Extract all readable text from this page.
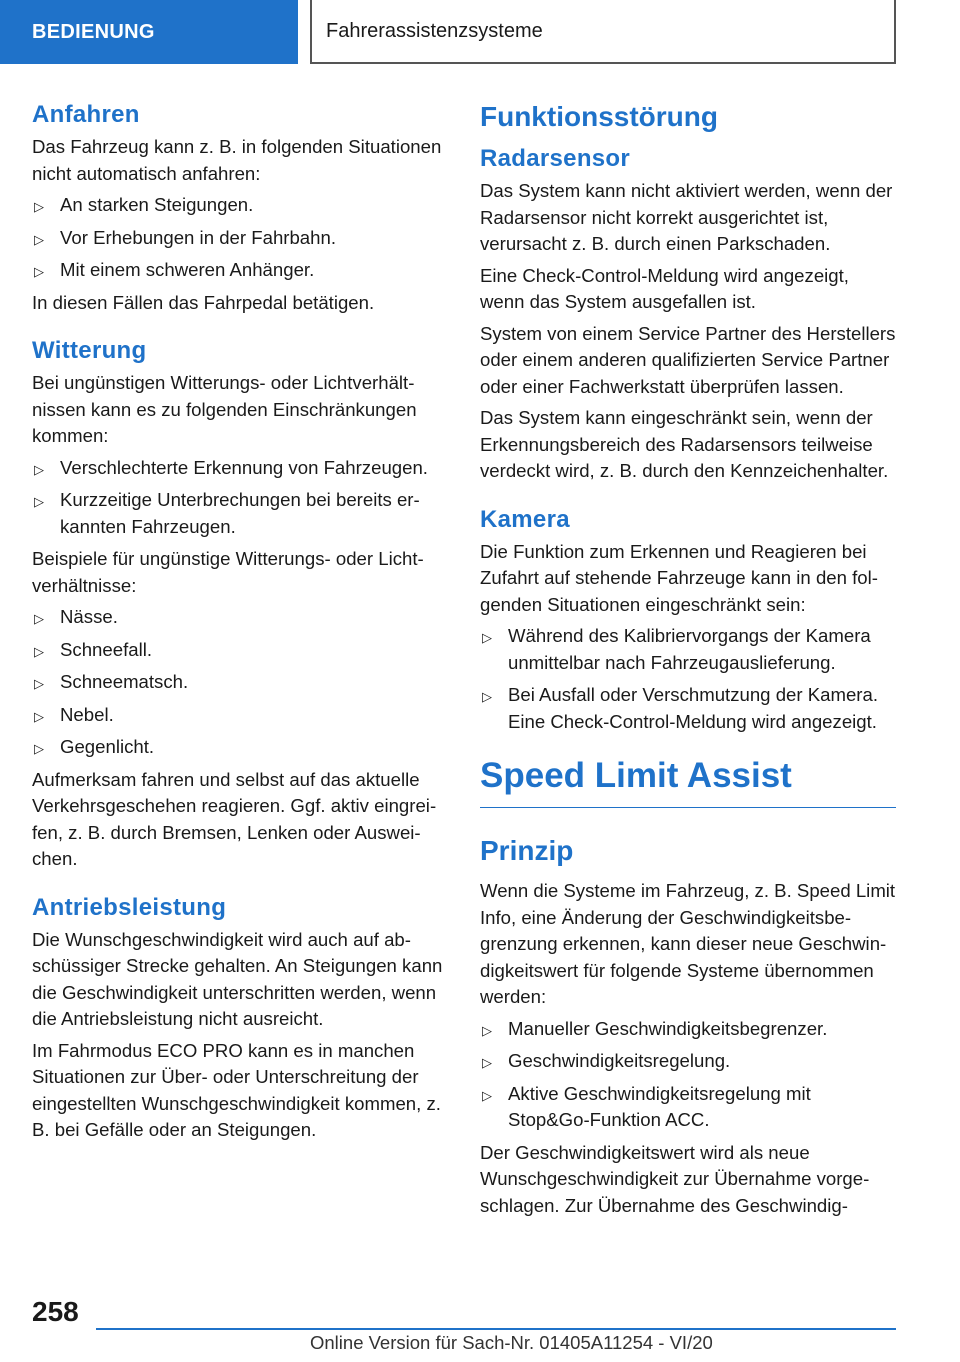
BEDIENUNG	Fahrerassistenzsysteme
Anfahren

Das Fahrzeug kann z. B. in folgenden Situationen nicht automatisch anfahren:

▷ An starken Steigungen.
▷ Vor Erhebungen in der Fahrbahn.
▷ Mit einem schweren Anhänger.

In diesen Fällen das Fahrpedal betätigen.

Witterung

Bei ungünstigen Witterungs- oder Lichtverhältnissen kann es zu folgenden Einschränkungen kommen:

▷ Verschlechterte Erkennung von Fahrzeugen.
▷ Kurzzeitige Unterbrechungen bei bereits erkannten Fahrzeugen.

Beispiele für ungünstige Witterungs- oder Lichtverhältnisse:

▷ Nässe.
▷ Schneefall.
▷ Schneematsch.
▷ Nebel.
▷ Gegenlicht.

Aufmerksam fahren und selbst auf das aktuelle Verkehrsgeschehen reagieren. Ggf. aktiv eingreifen, z. B. durch Bremsen, Lenken oder Ausweichen.

Antriebsleistung

Die Wunschgeschwindigkeit wird auch auf abschüssiger Strecke gehalten. An Steigungen kann die Geschwindigkeit unterschritten werden, wenn die Antriebsleistung nicht ausreicht.

Im Fahrmodus ECO PRO kann es in manchen Situationen zur Über- oder Unterschreitung der eingestellten Wunschgeschwindigkeit kommen, z. B. bei Gefälle oder an Steigungen.

Funktionsstörung
Radarsensor

Das System kann nicht aktiviert werden, wenn der Radarsensor nicht korrekt ausgerichtet ist, verursacht z. B. durch einen Parkschaden.

Eine Check-Control-Meldung wird angezeigt, wenn das System ausgefallen ist.

System von einem Service Partner des Herstellers oder einem anderen qualifizierten Service Partner oder einer Fachwerkstatt überprüfen lassen.

Das System kann eingeschränkt sein, wenn der Erkennungsbereich des Radarsensors teilweise verdeckt wird, z. B. durch den Kennzeichenhalter.

Kamera

Die Funktion zum Erkennen und Reagieren bei Zufahrt auf stehende Fahrzeuge kann in den folgenden Situationen eingeschränkt sein:

▷ Während des Kalibriervorgangs der Kamera unmittelbar nach Fahrzeugauslieferung.
▷ Bei Ausfall oder Verschmutzung der Kamera. Eine Check-Control-Meldung wird angezeigt.
Speed Limit Assist
Prinzip

Wenn die Systeme im Fahrzeug, z. B. Speed Limit Info, eine Änderung der Geschwindigkeitsbegrenzung erkennen, kann dieser neue Geschwindigkeitswert für folgende Systeme übernommen werden:

▷ Manueller Geschwindigkeitsbegrenzer.
▷ Geschwindigkeitsregelung.
▷ Aktive Geschwindigkeitsregelung mit Stop&Go-Funktion ACC.

Der Geschwindigkeitswert wird als neue Wunschgeschwindigkeit zur Übernahme vorgeschlagen. Zur Übernahme des Geschwindig-

258
Online Version für Sach-Nr. 01405A11254 - VI/20
